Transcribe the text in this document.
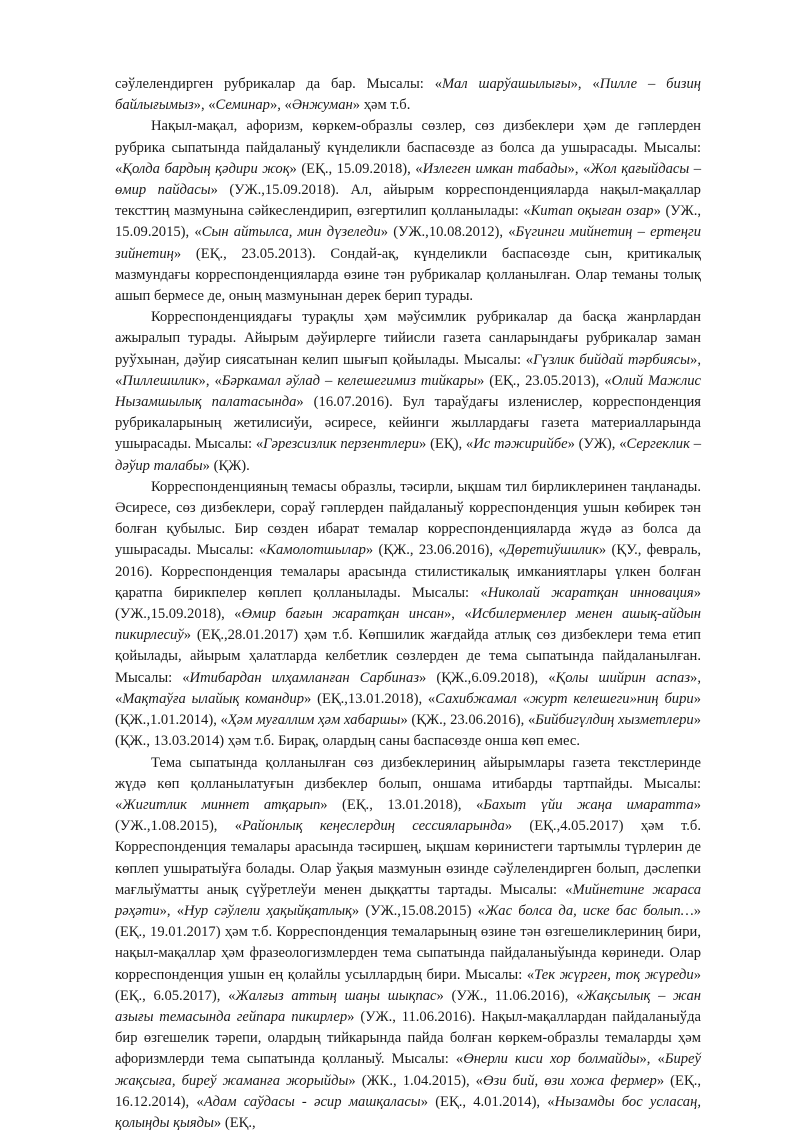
сәўлелендирген рубрикалар да бар. Мысалы: «Мал шарўашылығы», «Пилле – бизиң байлығымыз», «Семинар», «Әнжуман» ҳәм т.б.

Нақыл-мақал, афоризм, көркем-образлы сөзлер, сөз дизбеклери ҳәм де гәплерден рубрика сыпатында пайдаланыў күнделикли баспасөзде аз болса да ушырасады. Мысалы: «Қолда бардың қәдири жоқ» (ЕҚ., 15.09.2018), «Излеген имкан табады», «Жол қағыйдасы – өмир пайдасы» (УЖ.,15.09.2018). Ал, айырым корреспонденцияларда нақыл-мақаллар тексттиң мазмунына сәйкеслендирип, өзгертилип қолланылады: «Китап оқыған озар» (УЖ., 15.09.2015), «Сын айтылса, мин дүзеледи» (УЖ.,10.08.2012), «Бүгинги мийнетиң – ертеңги зийнетиң» (ЕҚ., 23.05.2013). Сондай-ақ, күнделикли баспасөзде сын, критикалық мазмундағы корреспонденцияларда өзине тән рубрикалар қолланылған. Олар теманы толық ашып бермесе де, оның мазмунынан дерек берип турады.

Корреспонденциядағы турақлы ҳәм мәўсимлик рубрикалар да басқа жанрлардан ажыралып турады. Айырым дәўирлерге тийисли газета санларындағы рубрикалар заман руўхынан, дәўир сиясатынан келип шығып қойылады. Мысалы: «Гүзлик бийдай тәрбиясы», «Пиллешилик», «Бәркамал әўлад – келешегимиз тийкары» (ЕҚ., 23.05.2013), «Олий Мажлис Нызамшылық палатасында» (16.07.2016). Бул тараўдағы изленислер, корреспонденция рубрикаларының жетилисиўи, әсиресе, кейинги жыллардағы газета материалларында ушырасады. Мысалы: «Гәрезсизлик перзентлери» (ЕҚ), «Ис тәжирийбе» (УЖ), «Сергеклик – дәўир талабы» (ҚЖ).

Корреспонденцияның темасы образлы, тәсирли, ықшам тил бирликлеринен таңланады. Әсиресе, сөз дизбеклери, сораў гәплерден пайдаланыў корреспонденция ушын көбирек тән болған қубылыс. Бир сөзден ибарат темалар корреспонденцияларда жүдә аз болса да ушырасады. Мысалы: «Камолотшылар» (ҚЖ., 23.06.2016), «Дөретиўшилик» (ҚУ., февраль, 2016). Корреспонденция темалары арасында стилистикалық имканиятлары үлкен болған қаратпа бирикпелер көплеп қолланылады. Мысалы: «Николай жаратқан инновация» (УЖ.,15.09.2018), «Өмир бағын жаратқан инсан», «Исбилерменлер менен ашық-айдын пикирлесиў» (ЕҚ.,28.01.2017) ҳәм т.б. Көпшилик жағдайда атлық сөз дизбеклери тема етип қойылады, айырым ҳалатларда келбетлик сөзлерден де тема сыпатында пайдаланылған. Мысалы: «Итибардан илҳамланған Сарбиназ» (ҚЖ.,6.09.2018), «Қолы шийрин аспаз», «Мақтаўға ылайық командир» (ЕҚ.,13.01.2018), «Сахибжамал «журт келешеги»ниң бири» (ҚЖ.,1.01.2014), «Ҳәм муғаллим ҳәм хабаршы» (ҚЖ., 23.06.2016), «Бийбигүлдиң хызметлери» (ҚЖ., 13.03.2014) ҳәм т.б. Бирақ, олардың саны баспасөзде онша көп емес.

Тема сыпатында қолланылған сөз дизбеклериниң айырымлары газета текстлеринде жүдә көп қолланылатуғын дизбеклер болып, оншама итибарды тартпайды. Мысалы: «Жигитлик миннет атқарып» (ЕҚ., 13.01.2018), «Бахыт үйи жаңа имаратта» (УЖ.,1.08.2015), «Районлық кеңеслердиң сессияларында» (ЕҚ.,4.05.2017) ҳәм т.б. Корреспонденция темалары арасында тәсиршең, ықшам көринистеги тартымлы түрлерин де көплеп ушыратыўға болады. Олар ўақыя мазмунын өзинде сәўлелендирген болып, дәслепки мағлыўматты анық сүўретлеўи менен дыққатты тартады. Мысалы: «Мийнетине жараса рәҳәти», «Нур сәўлели ҳақыйқатлық» (УЖ.,15.08.2015) «Жас болса да, иске бас болып…» (ЕҚ., 19.01.2017) ҳәм т.б. Корреспонденция темаларының өзине тән өзгешеликлериниң бири, нақыл-мақаллар ҳәм фразеологизмлерден тема сыпатында пайдаланыўында көринеди. Олар корреспонденция ушын ең қолайлы усыллардың бири. Мысалы: «Тек жүрген, тоқ жүреди» (ЕҚ., 6.05.2017), «Жалғыз аттың шаңы шықпас» (УЖ., 11.06.2016), «Жақсылық – жан азығы темасында гейпара пикирлер» (УЖ., 11.06.2016). Нақыл-мақаллардан пайдаланыўда бир өзгешелик тәрепи, олардың тийкарында пайда болған көркем-образлы темаларды ҳәм афоризмлерди тема сыпатында қолланыў. Мысалы: «Өнерли киси хор болмайды», «Биреў жақсыға, биреў жаманға жорыйды» (ЖК., 1.04.2015), «Өзи бий, өзи хожа фермер» (ЕҚ., 16.12.2014), «Адам саўдасы - әсир машқаласы» (ЕҚ., 4.01.2014), «Нызамды бос усласаң, қолыңды қыяды» (ЕҚ.,
